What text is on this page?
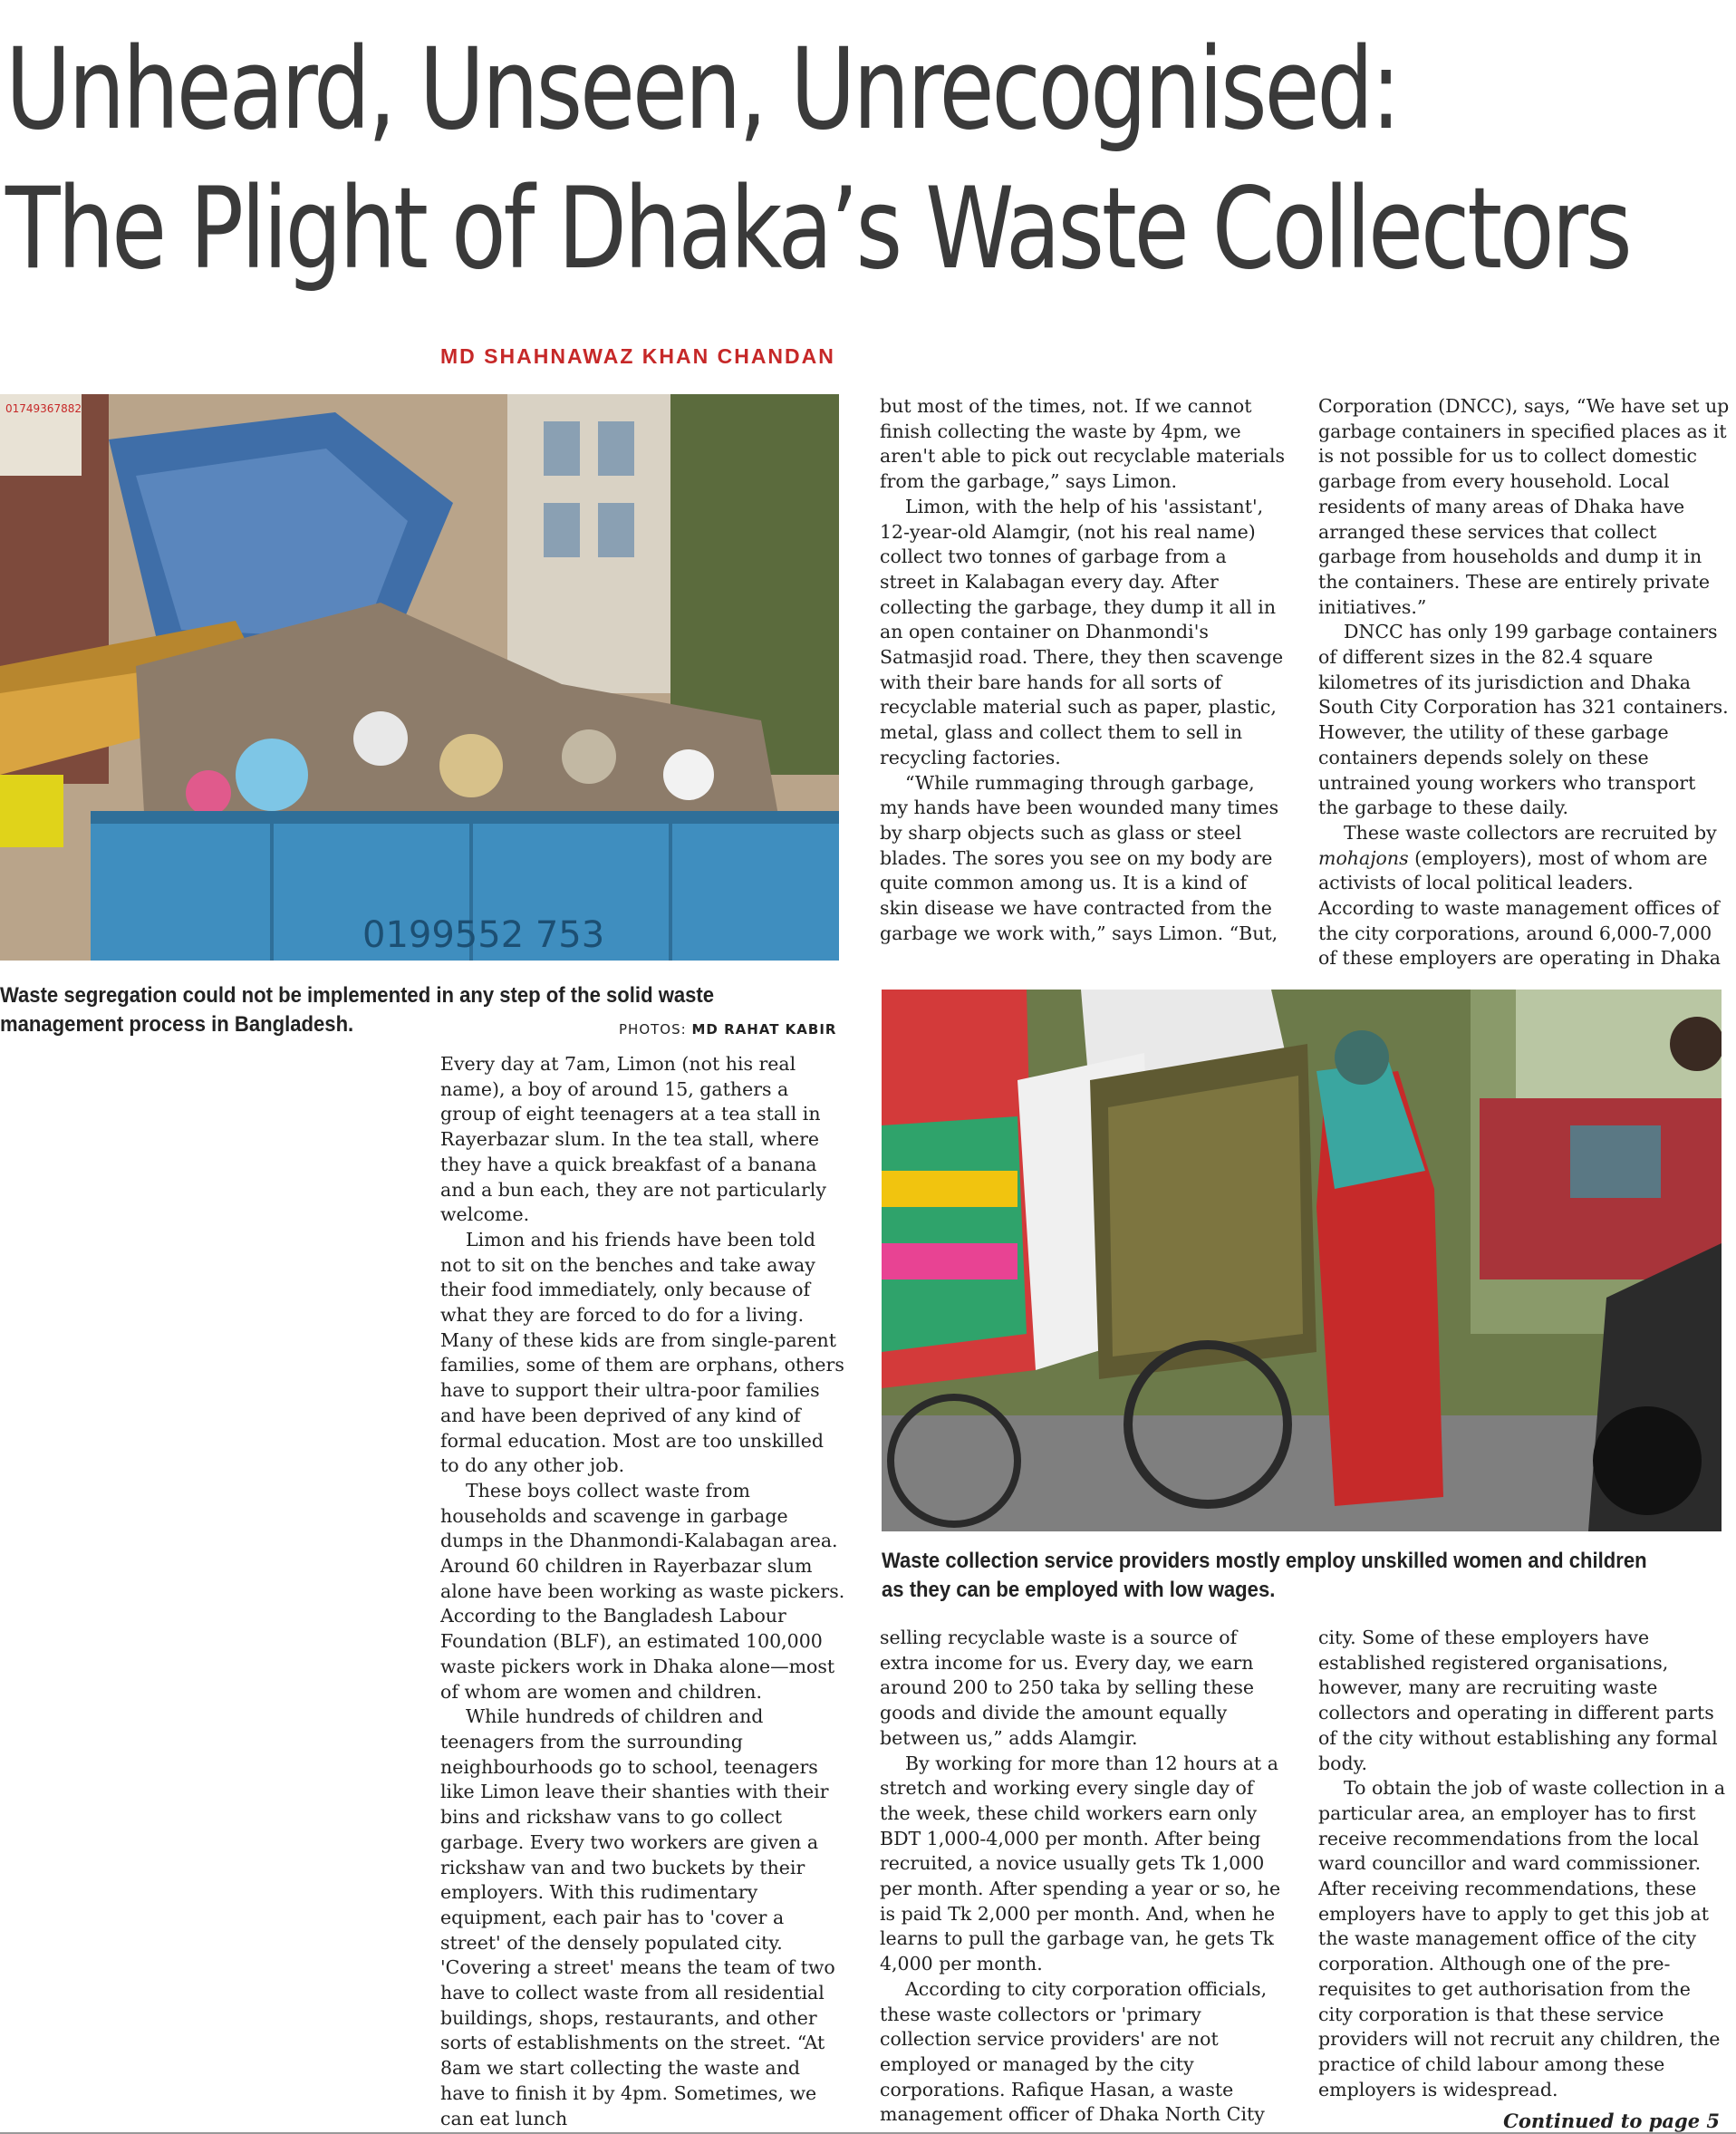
Unheard, Unseen, Unrecognised:
The Plight of Dhaka’s Waste Collectors
MD SHAHNAWAZ KHAN CHANDAN
01749367882
0199552 753

Waste segregation could not be implemented in any step of the solid waste management process in Bangladesh.	PHOTOS: MD RAHAT KABIR

Waste collection service providers mostly employ unskilled women and children as they can be employed with low wages.

Every day at 7am, Limon (not his real name), a boy of around 15, gathers a group of eight teenagers at a tea stall in Rayerbazar slum. In the tea stall, where they have a quick breakfast of a banana and a bun each, they are not particularly welcome.

Limon and his friends have been told not to sit on the benches and take away their food immediately, only because of what they are forced to do for a living. Many of these kids are from single-parent families, some of them are orphans, others have to support their ultra-poor families and have been deprived of any kind of formal education. Most are too unskilled to do any other job.

These boys collect waste from households and scavenge in garbage dumps in the Dhanmondi-Kalabagan area. Around 60 children in Rayerbazar slum alone have been working as waste pickers. According to the Bangladesh Labour Foundation (BLF), an estimated 100,000 waste pickers work in Dhaka alone—most of whom are women and children.

While hundreds of children and teenagers from the surrounding neighbourhoods go to school, teenagers like Limon leave their shanties with their bins and rickshaw vans to go collect garbage. Every two workers are given a rickshaw van and two buckets by their employers. With this rudimentary equipment, each pair has to 'cover a street' of the densely populated city. 'Covering a street' means the team of two have to collect waste from all residential buildings, shops, restaurants, and other sorts of establishments on the street. “At 8am we start collecting the waste and have to finish it by 4pm. Sometimes, we can eat lunch

but most of the times, not. If we cannot finish collecting the waste by 4pm, we aren't able to pick out recyclable materials from the garbage,” says Limon.

Limon, with the help of his 'assistant', 12-year-old Alamgir, (not his real name) collect two tonnes of garbage from a street in Kalabagan every day. After collecting the garbage, they dump it all in an open container on Dhanmondi's Satmasjid road. There, they then scavenge with their bare hands for all sorts of recyclable material such as paper, plastic, metal, glass and collect them to sell in recycling factories.

“While rummaging through garbage, my hands have been wounded many times by sharp objects such as glass or steel blades. The sores you see on my body are quite common among us. It is a kind of skin disease we have contracted from the garbage we work with,” says Limon. “But,

Corporation (DNCC), says, “We have set up garbage containers in specified places as it is not possible for us to collect domestic garbage from every household. Local residents of many areas of Dhaka have arranged these services that collect garbage from households and dump it in the containers. These are entirely private initiatives.”

DNCC has only 199 garbage containers of different sizes in the 82.4 square kilometres of its jurisdiction and Dhaka South City Corporation has 321 containers. However, the utility of these garbage containers depends solely on these untrained young workers who transport the garbage to these daily.

These waste collectors are recruited by mohajons (employers), most of whom are activists of local political leaders. According to waste management offices of the city corporations, around 6,000-7,000 of these employers are operating in Dhaka

selling recyclable waste is a source of extra income for us. Every day, we earn around 200 to 250 taka by selling these goods and divide the amount equally between us,” adds Alamgir.

By working for more than 12 hours at a stretch and working every single day of the week, these child workers earn only BDT 1,000-4,000 per month. After being recruited, a novice usually gets Tk 1,000 per month. After spending a year or so, he is paid Tk 2,000 per month. And, when he learns to pull the garbage van, he gets Tk 4,000 per month.

According to city corporation officials, these waste collectors or 'primary collection service providers' are not employed or managed by the city corporations. Rafique Hasan, a waste management officer of Dhaka North City

city. Some of these employers have established registered organisations, however, many are recruiting waste collectors and operating in different parts of the city without establishing any formal body.

To obtain the job of waste collection in a particular area, an employer has to first receive recommendations from the local ward councillor and ward commissioner. After receiving recommendations, these employers have to apply to get this job at the waste management office of the city corporation. Although one of the pre-requisites to get authorisation from the city corporation is that these service providers will not recruit any children, the practice of child labour among these employers is widespread.

Continued to page 5
